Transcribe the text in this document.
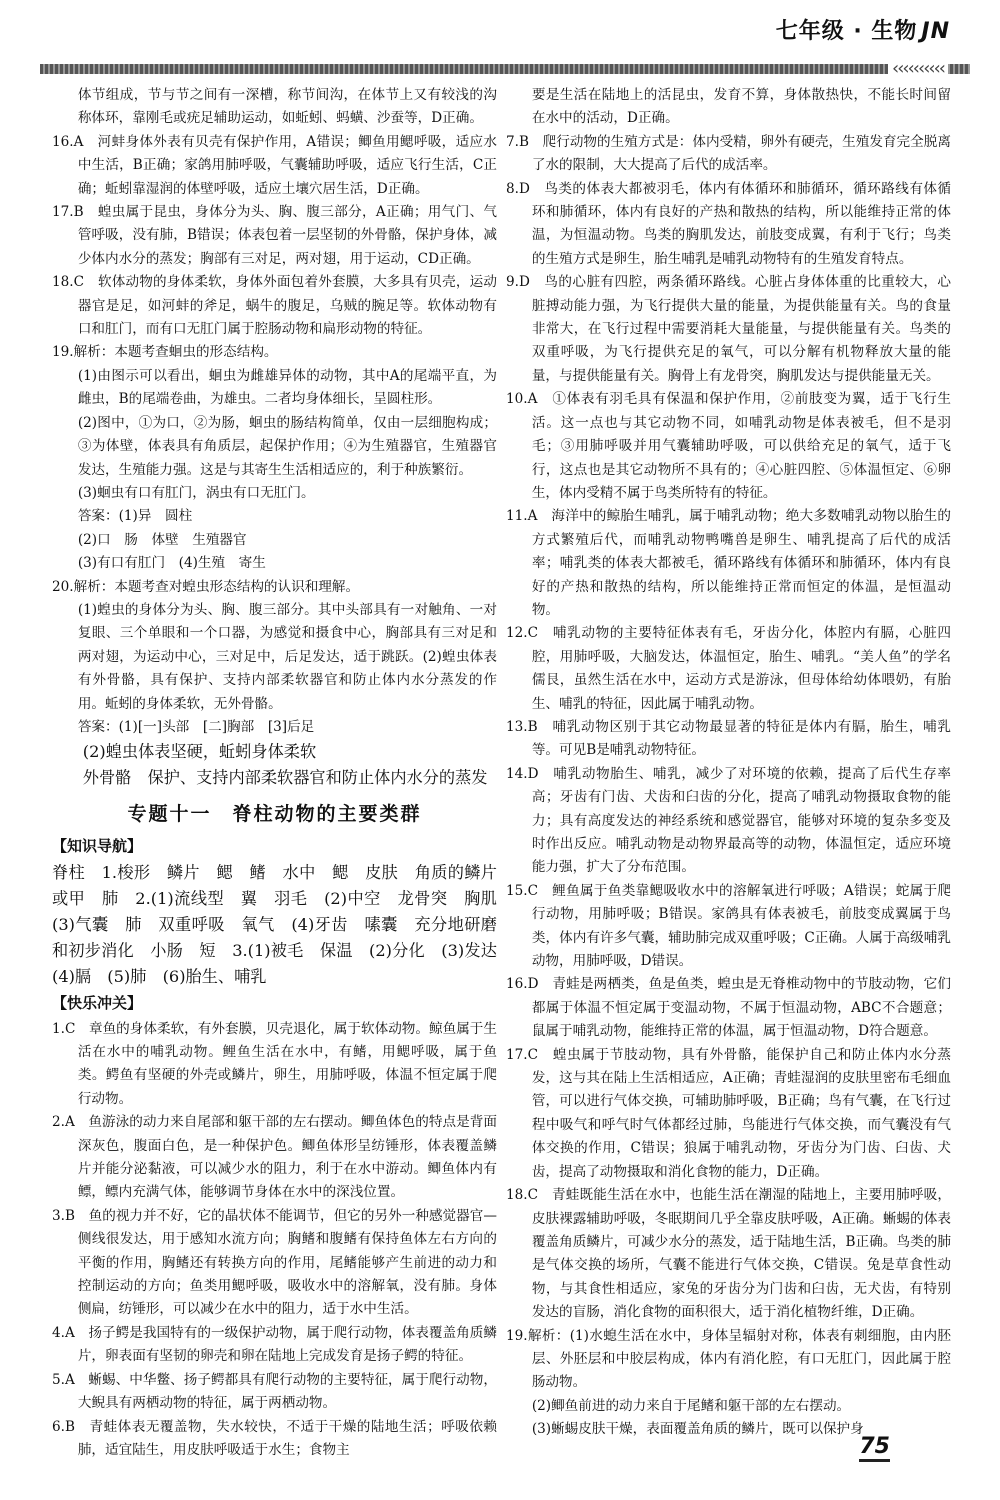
‹‹‹‹‹‹‹‹‹‹
七年级 · 生物 JN

体节组成，节与节之间有一深槽，称节间沟，在体节上又有较浅的沟称体环，靠刚毛或疣足辅助运动，如蚯蚓、蚂蟥、沙蚕等，D正确。

16.A　河蚌身体外表有贝壳有保护作用，A错误；鲫鱼用鳃呼吸，适应水中生活，B正确；家鸽用肺呼吸，气囊辅助呼吸，适应飞行生活，C正确；蚯蚓靠湿润的体壁呼吸，适应土壤穴居生活，D正确。

17.B　蝗虫属于昆虫，身体分为头、胸、腹三部分，A正确；用气门、气管呼吸，没有肺，B错误；体表包着一层坚韧的外骨骼，保护身体，减少体内水分的蒸发；胸部有三对足，两对翅，用于运动，CD正确。

18.C　软体动物的身体柔软，身体外面包着外套膜，大多具有贝壳，运动器官是足，如河蚌的斧足，蜗牛的腹足，乌贼的腕足等。软体动物有口和肛门，而有口无肛门属于腔肠动物和扁形动物的特征。

19.解析：本题考查蛔虫的形态结构。

(1)由图示可以看出，蛔虫为雌雄异体的动物，其中A的尾端平直，为雌虫，B的尾端卷曲，为雄虫。二者均身体细长，呈圆柱形。

(2)图中，①为口，②为肠，蛔虫的肠结构简单，仅由一层细胞构成；③为体壁，体表具有角质层，起保护作用；④为生殖器官，生殖器官发达，生殖能力强。这是与其寄生生活相适应的，利于种族繁衍。

(3)蛔虫有口有肛门，涡虫有口无肛门。

答案：(1)异　圆柱

(2)口　肠　体壁　生殖器官

(3)有口有肛门　(4)生殖　寄生

20.解析：本题考查对蝗虫形态结构的认识和理解。

(1)蝗虫的身体分为头、胸、腹三部分。其中头部具有一对触角、一对复眼、三个单眼和一个口器，为感觉和摄食中心，胸部具有三对足和两对翅，为运动中心，三对足中，后足发达，适于跳跃。(2)蝗虫体表有外骨骼，具有保护、支持内部柔软器官和防止体内水分蒸发的作用。蚯蚓的身体柔软，无外骨骼。

答案：(1)[一]头部　[二]胸部　[3]后足

(2)蝗虫体表坚硬，蚯蚓身体柔软

外骨骼　保护、支持内部柔软器官和防止体内水分的蒸发

专题十一　脊柱动物的主要类群
【知识导航】

脊柱　1.梭形　鳞片　鳃　鳍　水中　鳃　皮肤　角质的鳞片或甲　肺　2.(1)流线型　翼　羽毛　(2)中空　龙骨突　胸肌　(3)气囊　肺　双重呼吸　氧气　(4)牙齿　嗉囊　充分地研磨和初步消化　小肠　短　3.(1)被毛　保温　(2)分化　(3)发达　(4)膈　(5)肺　(6)胎生、哺乳

【快乐冲关】

1.C　章鱼的身体柔软，有外套膜，贝壳退化，属于软体动物。鲸鱼属于生活在水中的哺乳动物。鲤鱼生活在水中，有鳍，用鳃呼吸，属于鱼类。鳄鱼有坚硬的外壳或鳞片，卵生，用肺呼吸，体温不恒定属于爬行动物。

2.A　鱼游泳的动力来自尾部和躯干部的左右摆动。鲫鱼体色的特点是背面深灰色，腹面白色，是一种保护色。鲫鱼体形呈纺锤形，体表覆盖鳞片并能分泌黏液，可以减少水的阻力，利于在水中游动。鲫鱼体内有鳔，鳔内充满气体，能够调节身体在水中的深浅位置。

3.B　鱼的视力并不好，它的晶状体不能调节，但它的另外一种感觉器官—侧线很发达，用于感知水流方向；胸鳍和腹鳍有保持鱼体左右方向的平衡的作用，胸鳍还有转换方向的作用，尾鳍能够产生前进的动力和控制运动的方向；鱼类用鳃呼吸，吸收水中的溶解氧，没有肺。身体侧扁，纺锤形，可以减少在水中的阻力，适于水中生活。

4.A　扬子鳄是我国特有的一级保护动物，属于爬行动物，体表覆盖角质鳞片，卵表面有坚韧的卵壳和卵在陆地上完成发育是扬子鳄的特征。

5.A　蜥蜴、中华鳖、扬子鳄都具有爬行动物的主要特征，属于爬行动物，大鲵具有两栖动物的特征，属于两栖动物。

6.B　青蛙体表无覆盖物，失水较快，不适于干燥的陆地生活；呼吸依赖肺，适宜陆生，用皮肤呼吸适于水生；食物主

要是生活在陆地上的活昆虫，发育不算，身体散热快，不能长时间留在水中的活动，D正确。

7.B　爬行动物的生殖方式是：体内受精，卵外有硬壳，生殖发育完全脱离了水的限制，大大提高了后代的成活率。

8.D　鸟类的体表大都被羽毛，体内有体循环和肺循环，循环路线有体循环和肺循环，体内有良好的产热和散热的结构，所以能维持正常的体温，为恒温动物。鸟类的胸肌发达，前肢变成翼，有利于飞行；鸟类的生殖方式是卵生，胎生哺乳是哺乳动物特有的生殖发育特点。

9.D　鸟的心脏有四腔，两条循环路线。心脏占身体体重的比重较大，心脏搏动能力强，为飞行提供大量的能量，为提供能量有关。鸟的食量非常大，在飞行过程中需要消耗大量能量，与提供能量有关。鸟类的双重呼吸，为飞行提供充足的氧气，可以分解有机物释放大量的能量，与提供能量有关。胸骨上有龙骨突，胸肌发达与提供能量无关。

10.A　①体表有羽毛具有保温和保护作用，②前肢变为翼，适于飞行生活。这一点也与其它动物不同，如哺乳动物是体表被毛，但不是羽毛；③用肺呼吸并用气囊辅助呼吸，可以供给充足的氧气，适于飞行，这点也是其它动物所不具有的；④心脏四腔、⑤体温恒定、⑥卵生，体内受精不属于鸟类所特有的特征。

11.A　海洋中的鲸胎生哺乳，属于哺乳动物；绝大多数哺乳动物以胎生的方式繁殖后代，而哺乳动物鸭嘴兽是卵生、哺乳提高了后代的成活率；哺乳类的体表大都被毛，循环路线有体循环和肺循环，体内有良好的产热和散热的结构，所以能维持正常而恒定的体温，是恒温动物。

12.C　哺乳动物的主要特征体表有毛，牙齿分化，体腔内有膈，心脏四腔，用肺呼吸，大脑发达，体温恒定，胎生、哺乳。“美人鱼”的学名儒艮，虽然生活在水中，运动方式是游泳，但母体给幼体喂奶，有胎生、哺乳的特征，因此属于哺乳动物。

13.B　哺乳动物区别于其它动物最显著的特征是体内有膈，胎生，哺乳等。可见B是哺乳动物特征。

14.D　哺乳动物胎生、哺乳，减少了对环境的依赖，提高了后代生存率高；牙齿有门齿、犬齿和臼齿的分化，提高了哺乳动物摄取食物的能力；具有高度发达的神经系统和感觉器官，能够对环境的复杂多变及时作出反应。哺乳动物是动物界最高等的动物，体温恒定，适应环境能力强，扩大了分布范围。

15.C　鲤鱼属于鱼类靠鳃吸收水中的溶解氧进行呼吸；A错误；蛇属于爬行动物，用肺呼吸；B错误。家鸽具有体表被毛，前肢变成翼属于鸟类，体内有许多气囊，辅助肺完成双重呼吸；C正确。人属于高级哺乳动物，用肺呼吸，D错误。

16.D　青蛙是两栖类，鱼是鱼类，蝗虫是无脊椎动物中的节肢动物，它们都属于体温不恒定属于变温动物，不属于恒温动物，ABC不合题意；鼠属于哺乳动物，能维持正常的体温，属于恒温动物，D符合题意。

17.C　蝗虫属于节肢动物，具有外骨骼，能保护自己和防止体内水分蒸发，这与其在陆上生活相适应，A正确；青蛙湿润的皮肤里密布毛细血管，可以进行气体交换，可辅助肺呼吸，B正确；鸟有气囊，在飞行过程中吸气和呼气时气体都经过肺，鸟能进行气体交换，而气囊没有气体交换的作用，C错误；狼属于哺乳动物，牙齿分为门齿、臼齿、犬齿，提高了动物摄取和消化食物的能力，D正确。

18.C　青蛙既能生活在水中，也能生活在潮湿的陆地上，主要用肺呼吸，皮肤裸露辅助呼吸，冬眠期间几乎全靠皮肤呼吸，A正确。蜥蜴的体表覆盖角质鳞片，可减少水分的蒸发，适于陆地生活，B正确。鸟类的肺是气体交换的场所，气囊不能进行气体交换，C错误。兔是草食性动物，与其食性相适应，家兔的牙齿分为门齿和臼齿，无犬齿，有特别发达的盲肠，消化食物的面积很大，适于消化植物纤维，D正确。

19.解析：(1)水螅生活在水中，身体呈辐射对称，体表有刺细胞，由内胚层、外胚层和中胶层构成，体内有消化腔，有口无肛门，因此属于腔肠动物。

(2)鲫鱼前进的动力来自于尾鳍和躯干部的左右摆动。

(3)蜥蜴皮肤干燥，表面覆盖角质的鳞片，既可以保护身

75
